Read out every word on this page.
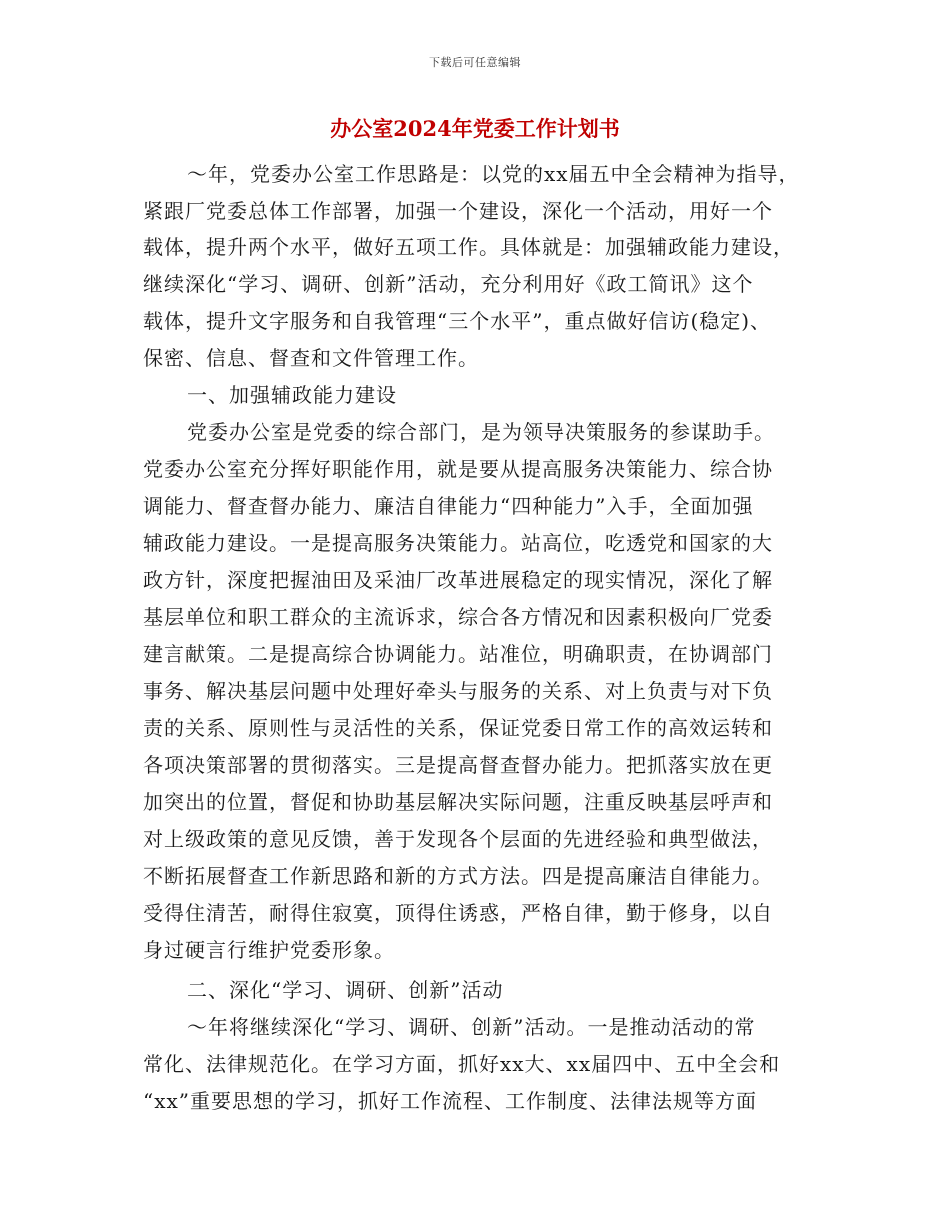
下载后可任意编辑
办公室2024年党委工作计划书
～年，党委办公室工作思路是：以党的xx届五中全会精神为指导，
紧跟厂党委总体工作部署，加强一个建设，深化一个活动，用好一个
载体，提升两个水平，做好五项工作。具体就是：加强辅政能力建设，
继续深化“学习、调研、创新”活动，充分利用好《政工简讯》这个
载体，提升文字服务和自我管理“三个水平”，重点做好信访(稳定)、
保密、信息、督查和文件管理工作。
一、加强辅政能力建设
党委办公室是党委的综合部门，是为领导决策服务的参谋助手。
党委办公室充分挥好职能作用，就是要从提高服务决策能力、综合协
调能力、督查督办能力、廉洁自律能力“四种能力”入手，全面加强
辅政能力建设。一是提高服务决策能力。站高位，吃透党和国家的大
政方针，深度把握油田及采油厂改革进展稳定的现实情况，深化了解
基层单位和职工群众的主流诉求，综合各方情况和因素积极向厂党委
建言献策。二是提高综合协调能力。站准位，明确职责，在协调部门
事务、解决基层问题中处理好牵头与服务的关系、对上负责与对下负
责的关系、原则性与灵活性的关系，保证党委日常工作的高效运转和
各项决策部署的贯彻落实。三是提高督查督办能力。把抓落实放在更
加突出的位置，督促和协助基层解决实际问题，注重反映基层呼声和
对上级政策的意见反馈，善于发现各个层面的先进经验和典型做法，
不断拓展督查工作新思路和新的方式方法。四是提高廉洁自律能力。
受得住清苦，耐得住寂寞，顶得住诱惑，严格自律，勤于修身，以自
身过硬言行维护党委形象。
二、深化“学习、调研、创新”活动
～年将继续深化“学习、调研、创新”活动。一是推动活动的常
常化、法律规范化。在学习方面，抓好xx大、xx届四中、五中全会和
“xx”重要思想的学习，抓好工作流程、工作制度、法律法规等方面
